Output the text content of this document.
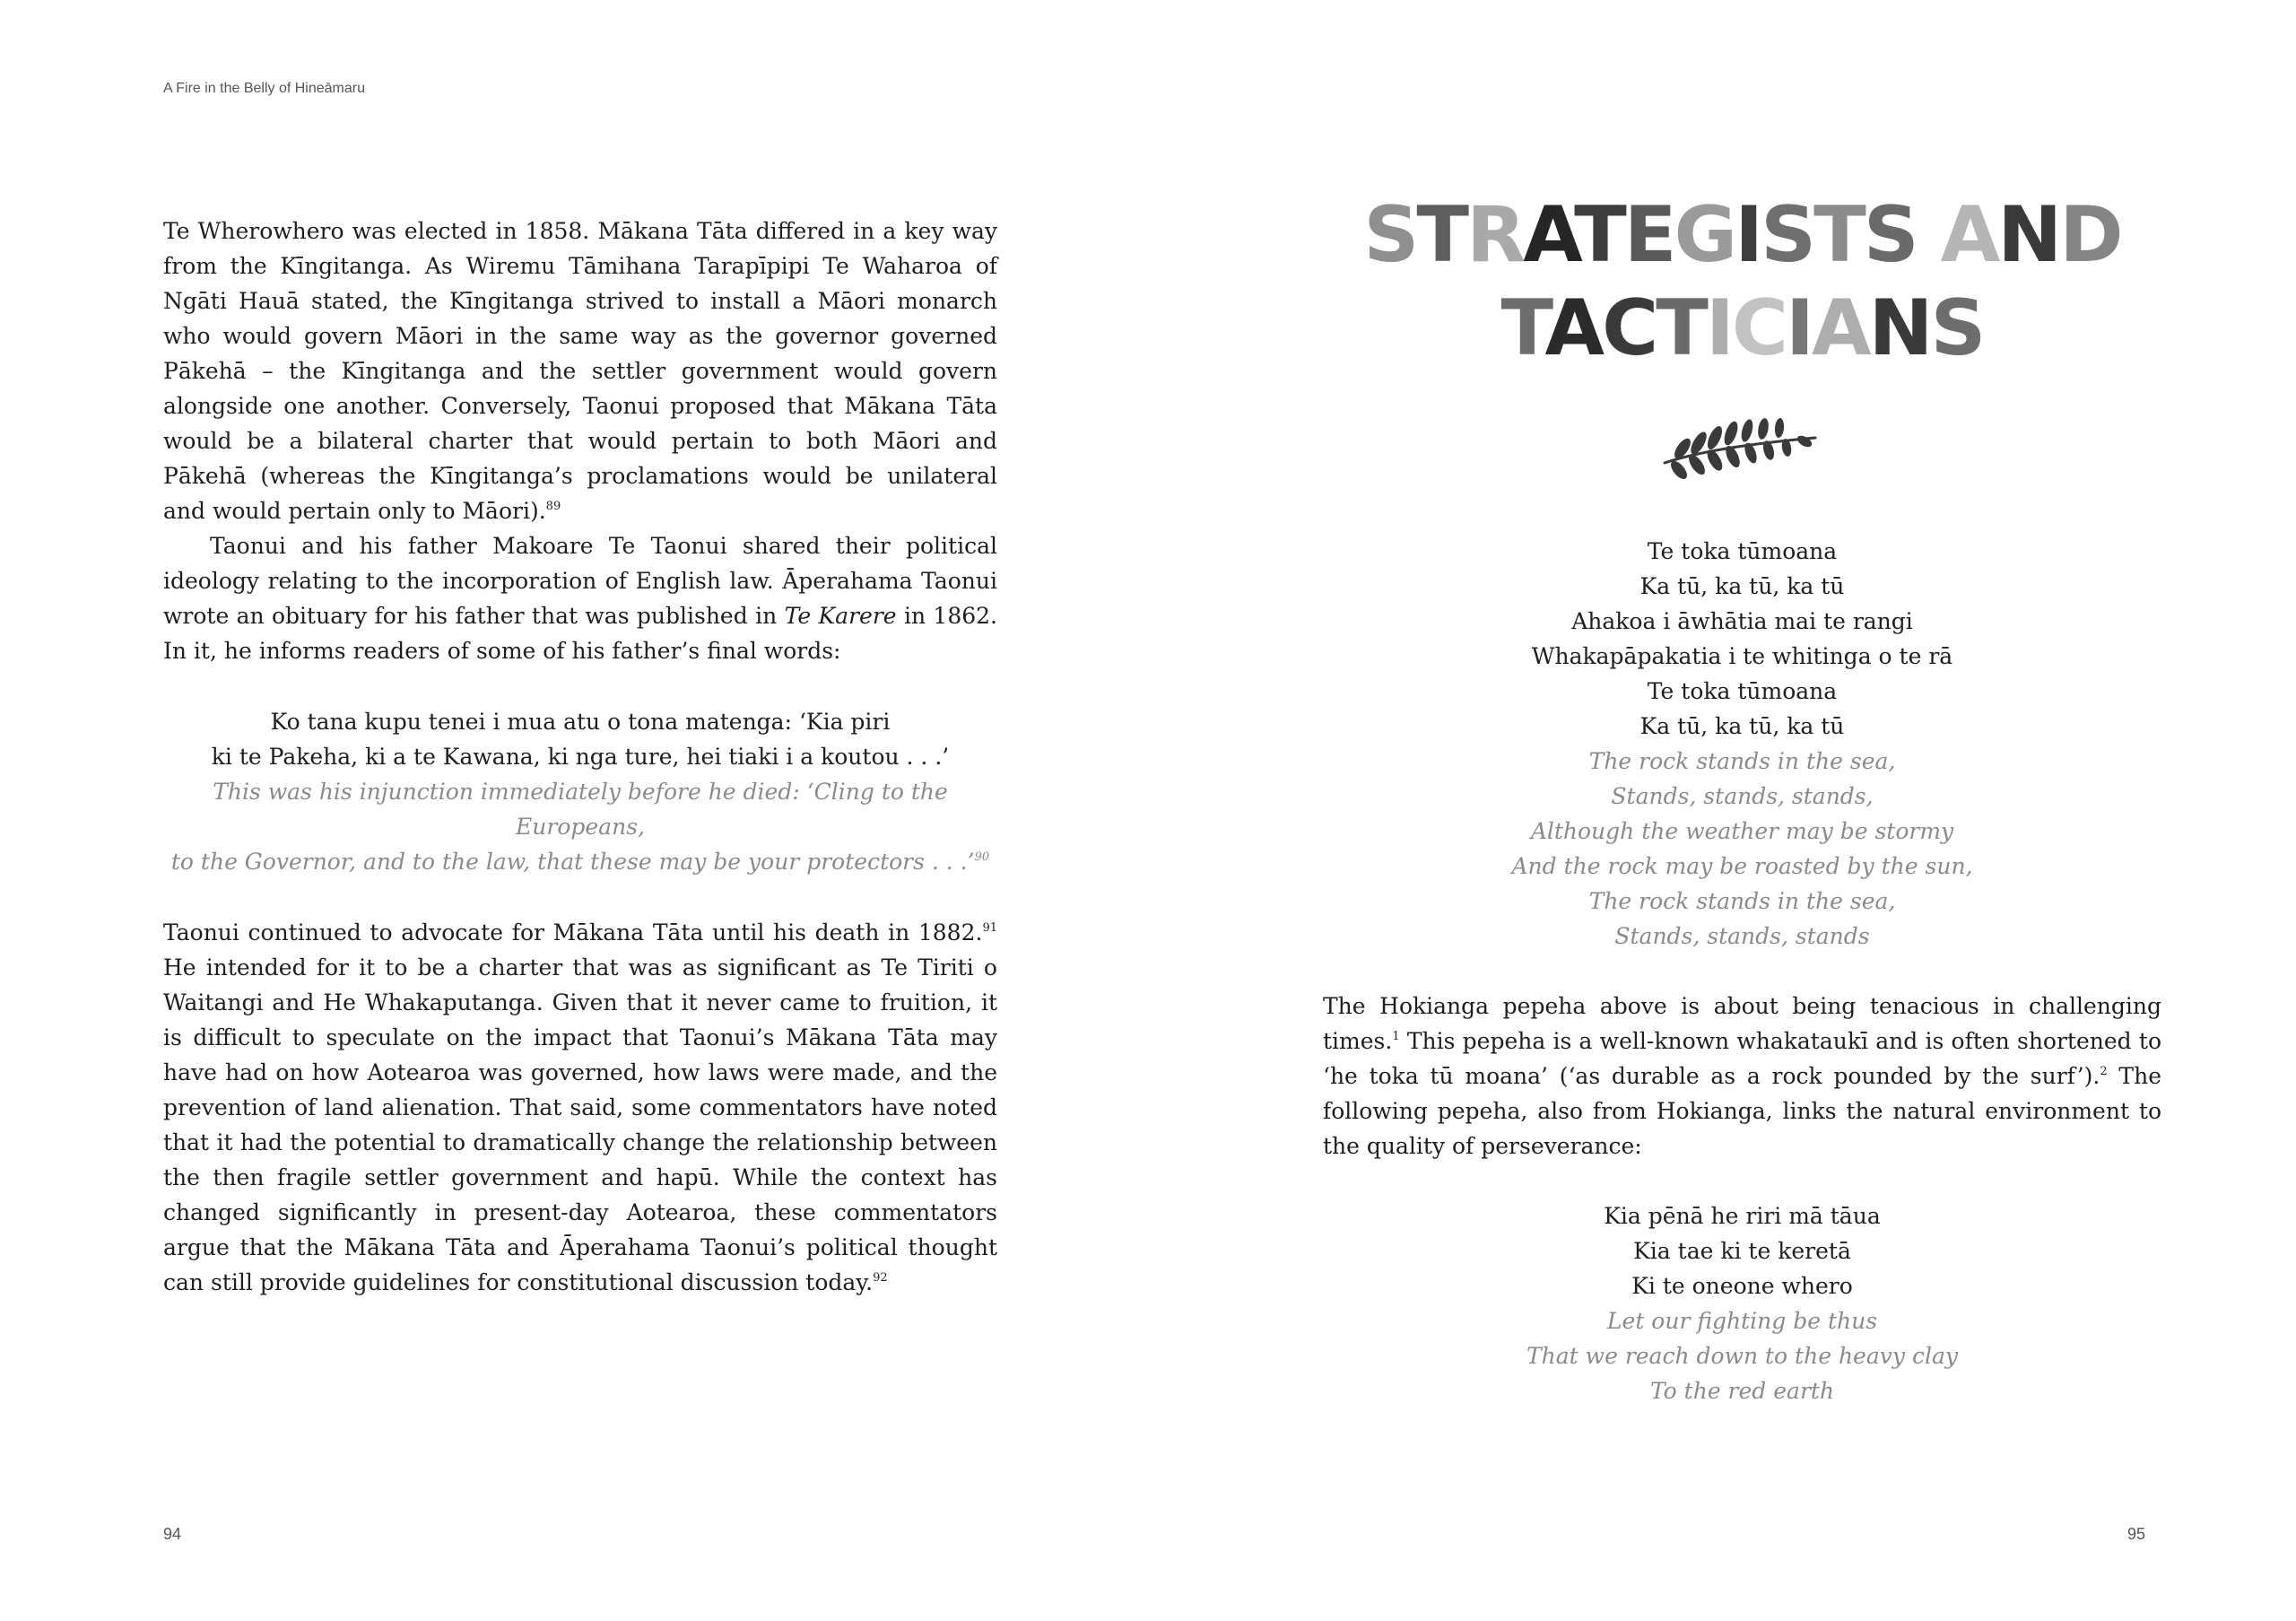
A Fire in the Belly of Hineāmaru

Te Wherowhero was elected in 1858. Mākana Tāta differed in a key way from the Kīngitanga. As Wiremu Tāmihana Tarapīpipi Te Waharoa of Ngāti Hauā stated, the Kīngitanga strived to install a Māori monarch who would govern Māori in the same way as the governor governed Pākehā – the Kīngitanga and the settler government would govern alongside one another. Conversely, Taonui proposed that Mākana Tāta would be a bilateral charter that would pertain to both Māori and Pākehā (whereas the Kīngitanga’s proclamations would be unilateral and would pertain only to Māori).$^{89}$

Taonui and his father Makoare Te Taonui shared their political ideology relating to the incorporation of English law. Āperahama Taonui wrote an obituary for his father that was published in Te Karere in 1862. In it, he informs readers of some of his father’s final words:

Ko tana kupu tenei i mua atu o tona matenga: ‘Kia piri
ki te Pakeha, ki a te Kawana, ki nga ture, hei tiaki i a koutou . . .’
This was his injunction immediately before he died: ‘Cling to the Europeans,
to the Governor, and to the law, that these may be your protectors . . .’$^{90}$

Taonui continued to advocate for Mākana Tāta until his death in 1882.91 He intended for it to be a charter that was as significant as Te Tiriti o Waitangi and He Whakaputanga. Given that it never came to fruition, it is difficult to speculate on the impact that Taonui’s Mākana Tāta may have had on how Aotearoa was governed, how laws were made, and the prevention of land alienation. That said, some commentators have noted that it had the potential to dramatically change the relationship between the then fragile settler government and hapū. While the context has changed significantly in present-day Aotearoa, these commentators argue that the Mākana Tāta and Āperahama Taonui’s political thought can still provide guidelines for constitutional discussion today.$^{92}$

94
STRATEGISTS AND
TACTICIANS
Te toka tūmoana
Ka tū, ka tū, ka tū
Ahakoa i āwhātia mai te rangi
Whakapāpakatia i te whitinga o te rā
Te toka tūmoana
Ka tū, ka tū, ka tū
The rock stands in the sea,
Stands, stands, stands,
Although the weather may be stormy
And the rock may be roasted by the sun,
The rock stands in the sea,
Stands, stands, stands

The Hokianga pepeha above is about being tenacious in challenging times.$^1$ This pepeha is a well-known whakataukī and is often shortened to ‘he toka tū moana’ (‘as durable as a rock pounded by the surf’).$^2$ The following pepeha, also from Hokianga, links the natural environment to the quality of perseverance:

Kia pēnā he riri mā tāua
Kia tae ki te keretā
Ki te oneone whero
Let our fighting be thus
That we reach down to the heavy clay
To the red earth
95
